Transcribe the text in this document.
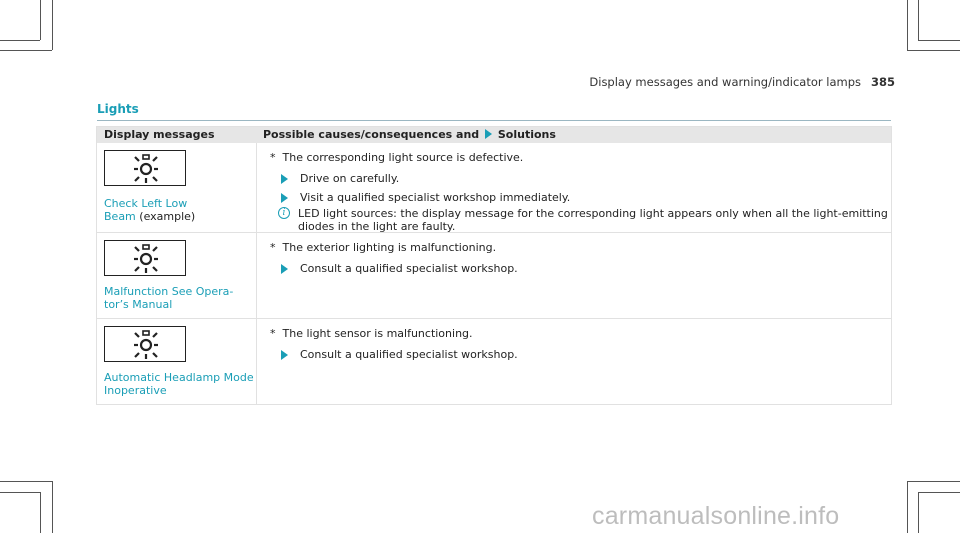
Display messages and warning/indicator lamps 385
Lights
Display messages	Possible causes/consequences and Solutions
Check Left Low Beam (example)
* The corresponding light source is defective.
Drive on carefully.
Visit a qualified specialist workshop immediately.
i	LED light sources: the display message for the corresponding light appears only when all the light-emitting
diodes in the light are faulty.
Malfunction See Opera-
tor’s Manual
* The exterior lighting is malfunctioning.
Consult a qualified specialist workshop.
Automatic Headlamp Mode
Inoperative
* The light sensor is malfunctioning.
Consult a qualified specialist workshop.
carmanualsonline.info
